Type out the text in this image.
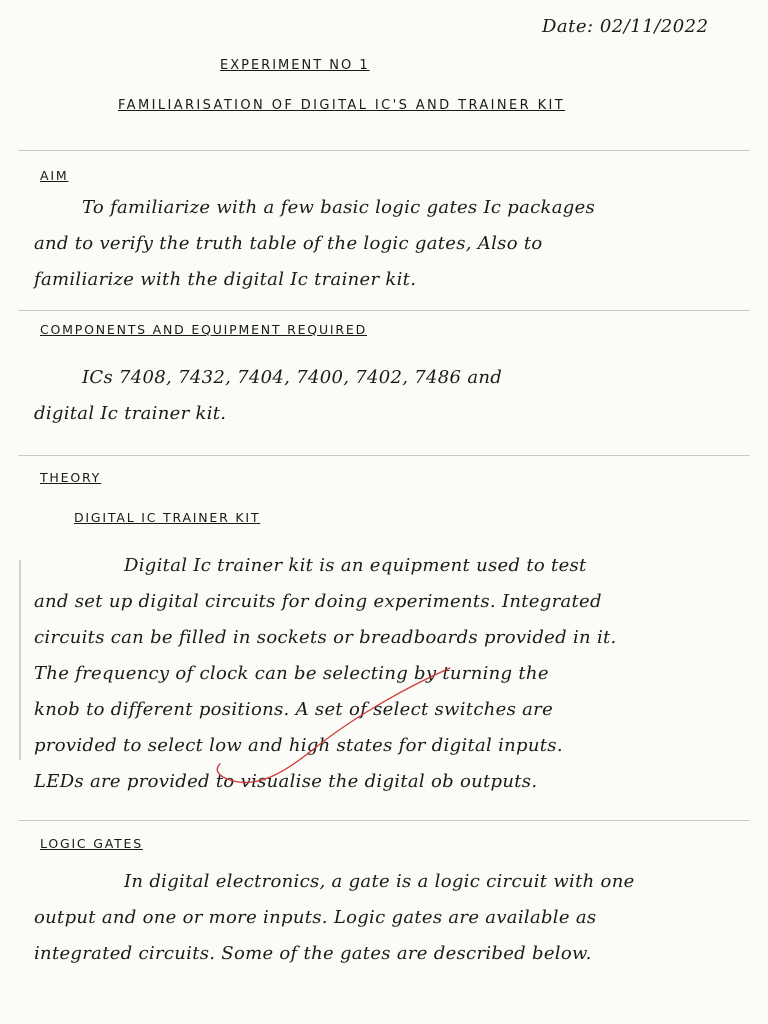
Date: 02/11/2022
EXPERIMENT NO 1
FAMILIARISATION OF DIGITAL IC'S AND TRAINER KIT
AIM
To familiarize with a few basic logic gates Ic packages
and to verify the truth table of the logic gates, Also to
familiarize with the digital Ic trainer kit.
COMPONENTS AND EQUIPMENT REQUIRED
ICs 7408, 7432, 7404, 7400, 7402, 7486 and
digital Ic trainer kit.
THEORY
DIGITAL IC TRAINER KIT
Digital Ic trainer kit is an equipment used to test
and set up digital circuits for doing experiments. Integrated
circuits can be filled in sockets or breadboards provided in it.
The frequency of clock can be selecting by turning the
knob to different positions. A set of select switches are
provided to select low and high states for digital inputs.
LEDs are provided to visualise the digital ob outputs.
LOGIC GATES
In digital electronics, a gate is a logic circuit with one
output and one or more inputs. Logic gates are available as
integrated circuits. Some of the gates are described below.
